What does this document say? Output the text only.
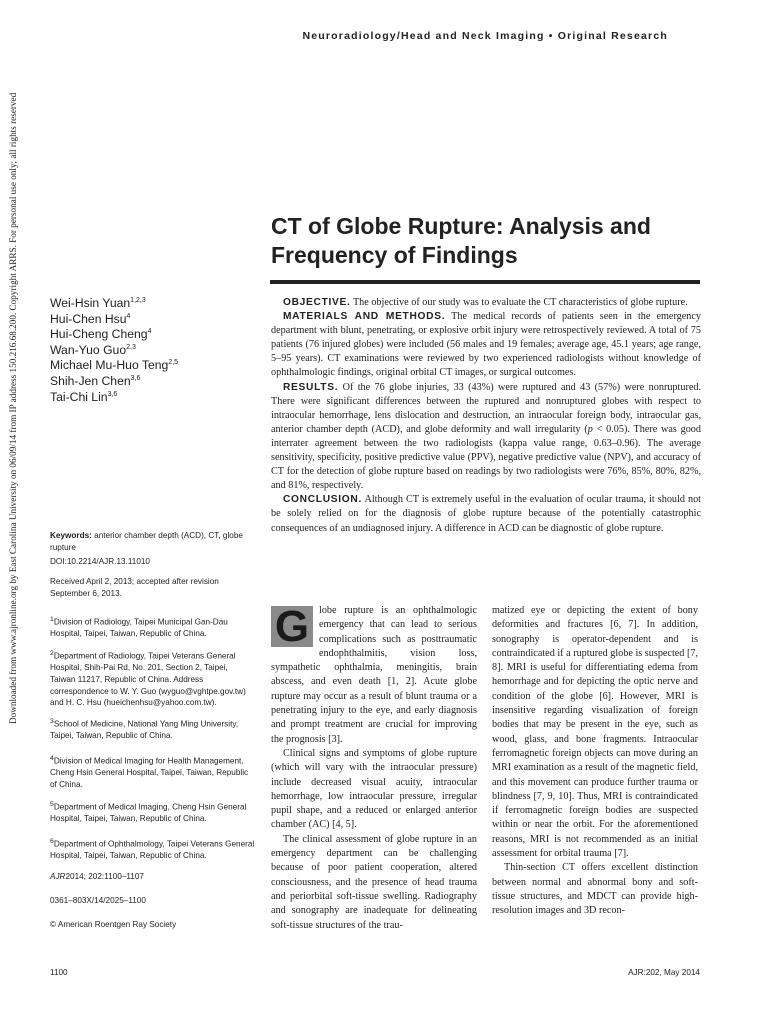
Downloaded from www.ajronline.org by East Carolina University on 06/09/14 from IP address 150.216.68.200. Copyright ARRS. For personal use only; all rights reserved
Neuroradiology/Head and Neck Imaging • Original Research
CT of Globe Rupture: Analysis and Frequency of Findings
Wei-Hsin Yuan$^{1,2,3}$
Hui-Chen Hsu$^4$
Hui-Cheng Cheng$^4$
Wan-Yuo Guo$^{2,3}$
Michael Mu-Huo Teng$^{2,5}$
Shih-Jen Chen$^{3,6}$
Tai-Chi Lin$^{3,6}$

OBJECTIVE. The objective of our study was to evaluate the CT characteristics of globe rupture.

MATERIALS AND METHODS. The medical records of patients seen in the emergency department with blunt, penetrating, or explosive orbit injury were retrospectively reviewed. A total of 75 patients (76 injured globes) were included (56 males and 19 females; average age, 45.1 years; age range, 5–95 years). CT examinations were reviewed by two experienced radiologists without knowledge of ophthalmologic findings, original orbital CT images, or surgical outcomes.

RESULTS. Of the 76 globe injuries, 33 (43%) were ruptured and 43 (57%) were nonruptured. There were significant differences between the ruptured and nonruptured globes with respect to intraocular hemorrhage, lens dislocation and destruction, an intraocular foreign body, intraocular gas, anterior chamber depth (ACD), and globe deformity and wall irregularity (p < 0.05). There was good interrater agreement between the two radiologists (kappa value range, 0.63–0.96). The average sensitivity, specificity, positive predictive value (PPV), negative predictive value (NPV), and accuracy of CT for the detection of globe rupture based on readings by two radiologists were 76%, 85%, 80%, 82%, and 81%, respectively.

CONCLUSION. Although CT is extremely useful in the evaluation of ocular trauma, it should not be solely relied on for the diagnosis of globe rupture because of the potentially catastrophic consequences of an undiagnosed injury. A difference in ACD can be diagnostic of globe rupture.

Keywords: anterior chamber depth (ACD), CT, globe rupture

DOI:10.2214/AJR.13.11010

Received April 2, 2013; accepted after revision September 6, 2013.

$^1$Division of Radiology, Taipei Municipal Gan-Dau Hospital, Taipei, Taiwan, Republic of China.

$^2$Department of Radiology, Taipei Veterans General Hospital, Shih-Pai Rd, No. 201, Section 2, Taipei, Taiwan 11217, Republic of China. Address correspondence to W. Y. Guo (wyguo@vghtpe.gov.tw) and H. C. Hsu (hueichenhsu@yahoo.com.tw).

$^3$School of Medicine, National Yang Ming University, Taipei, Taiwan, Republic of China.

$^4$Division of Medical Imaging for Health Management, Cheng Hsin General Hospital, Taipei, Taiwan, Republic of China.

$^5$Department of Medical Imaging, Cheng Hsin General Hospital, Taipei, Taiwan, Republic of China.

$^6$Department of Ophthalmology, Taipei Veterans General Hospital, Taipei, Taiwan, Republic of China.

AJR2014; 202:1100–1107

0361–803X/14/2025–1100

© American Roentgen Ray Society

G lobe rupture is an ophthalmologic emergency that can lead to serious complications such as posttraumatic endophthalmitis, vision loss, sympathetic ophthalmia, meningitis, brain abscess, and even death [1, 2]. Acute globe rupture may occur as a result of blunt trauma or a penetrating injury to the eye, and early diagnosis and prompt treatment are crucial for improving the prognosis [3].

Clinical signs and symptoms of globe rupture (which will vary with the intraocular pressure) include decreased visual acuity, intraocular hemorrhage, low intraocular pressure, irregular pupil shape, and a reduced or enlarged anterior chamber (AC) [4, 5].

The clinical assessment of globe rupture in an emergency department can be challenging because of poor patient cooperation, altered consciousness, and the presence of head trauma and periorbital soft-tissue swelling. Radiography and sonography are inadequate for delineating soft-tissue structures of the trau-

matized eye or depicting the extent of bony deformities and fractures [6, 7]. In addition, sonography is operator-dependent and is contraindicated if a ruptured globe is suspected [7, 8]. MRI is useful for differentiating edema from hemorrhage and for depicting the optic nerve and condition of the globe [6]. However, MRI is insensitive regarding visualization of foreign bodies that may be present in the eye, such as wood, glass, and bone fragments. Intraocular ferromagnetic foreign objects can move during an MRI examination as a result of the magnetic field, and this movement can produce further trauma or blindness [7, 9, 10]. Thus, MRI is contraindicated if ferromagnetic foreign bodies are suspected within or near the orbit. For the aforementioned reasons, MRI is not recommended as an initial assessment for orbital trauma [7].

Thin-section CT offers excellent distinction between normal and abnormal bony and soft-tissue structures, and MDCT can provide high-resolution images and 3D recon-

1100	AJR:202, May 2014
